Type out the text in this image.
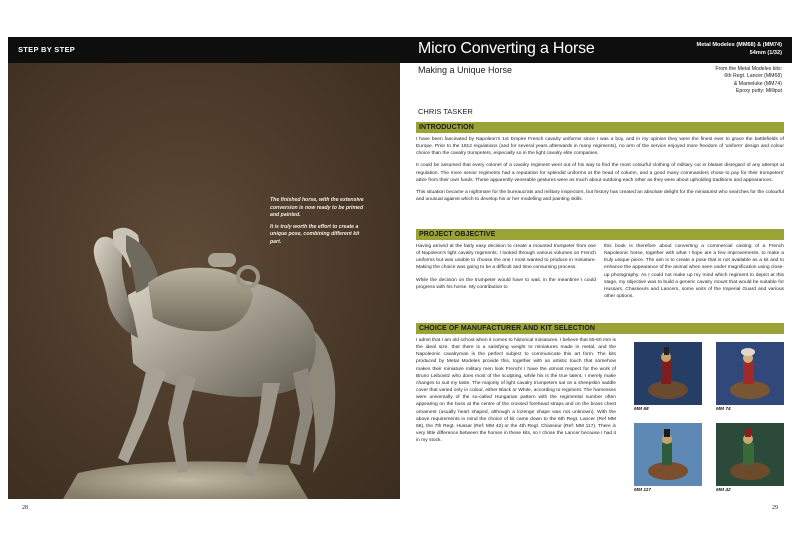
STEP BY STEP

The finished horse, with the extensive conversion is now ready to be primed and painted.

It is truly worth the effort to create a unique pose, combining different kit part.

28
Micro Converting a Horse	Metal Modeles (MM68) & (MM74)
54mm (1/32)
Making a Unique Horse	From the Metal Modeles kits:
6th Regt. Lancer (MM68)
& Mameluke (MM74)
Epoxy putty: Milliput
CHRIS TASKER
INTRODUCTION

I have been fascinated by Napoleon's 1st Empire French cavalry uniforms since I was a boy, and in my opinion they were the finest ever to grace the battlefields of Europe. Prior to the 1812 regulations (and for several years afterwards in many regiments), no arm of the service enjoyed more freedom of 'uniform' design and colour choice than the cavalry trumpeters, especially so in the light cavalry elite companies.

It could be assumed that every colonel of a cavalry regiment went out of his way to find the most colourful clothing of military cut in blatant disregard of any attempt at regulation. The more senior regiments had a reputation for splendid uniforms at the head of column, and a good many commanders chose to pay for their trumpeters' attire from their own funds. These apparently venerable gestures were as much about outdoing each other as they were about upholding traditions and appearances.

This situation became a nightmare for the bureaucrats and military inspectors, but history has created an absolute delight for the miniaturist who searches for the colourful and unusual against which to develop his or her modelling and painting skills.

PROJECT OBJECTIVE

Having arrived at the fairly easy decision to create a mounted trumpeter from one of Napoleon's light cavalry regiments, I looked through various volumes on French uniforms but was unable to choose the one I most wanted to produce in miniature. Making the choice was going to be a difficult and time consuming process.

While the decision on the trumpeter would have to wait, in the meantime I could progress with his horse. My contribution to

this book is therefore about converting a commercial casting of a French Napoleonic horse, together with what I hope are a few improvements, to make a truly unique piece. The aim is to create a pose that is not available as a kit and to enhance the appearance of the animal when seen under magnification using close-up photography. As I could not make up my mind which regiment to depict at this stage, my objective was to build a generic cavalry mount that would be suitable for Hussars, Chasseurs and Lancers, some units of the Imperial Guard and various other options.

CHOICE OF MANUFACTURER AND KIT SELECTION

I admit that I am old school when it comes to historical miniatures. I believe that 50-60 mm is the ideal size, that there is a satisfying weight to miniatures made in metal, and the Napoleonic cavalryman is the perfect subject to communicate this art form. The kits produced by Metal Modeles provide this, together with an artistic touch that somehow makes their miniature military men look French! I have the utmost respect for the work of Bruno Leibovitz who does most of the sculpting, while his is the true talent, I merely make changes to suit my taste. The majority of light cavalry trumpeters sat on a sheepskin saddle cover that varied only in colour, either Black or White, according to regiment. The harnesses were universally of the so-called Hungarian pattern with the regimental number often appearing on the boss at the centre of the crossed forehead straps and on the brass chest ornament (usually heart shaped, although a lozenge shape was not unknown). With the above requirements in mind the choice of kit came down to the 6th Regt. Lancer (Ref MM 68), the 7th Regt. Hussar (Ref: MM 42) or the 4th Regt. Chasseur (Ref: MM 117). There is very little difference between the horses in these kits, so I chose the Lancer because I had it in my stock.

MM 68	MM 74
MM 117	MM 42
29
